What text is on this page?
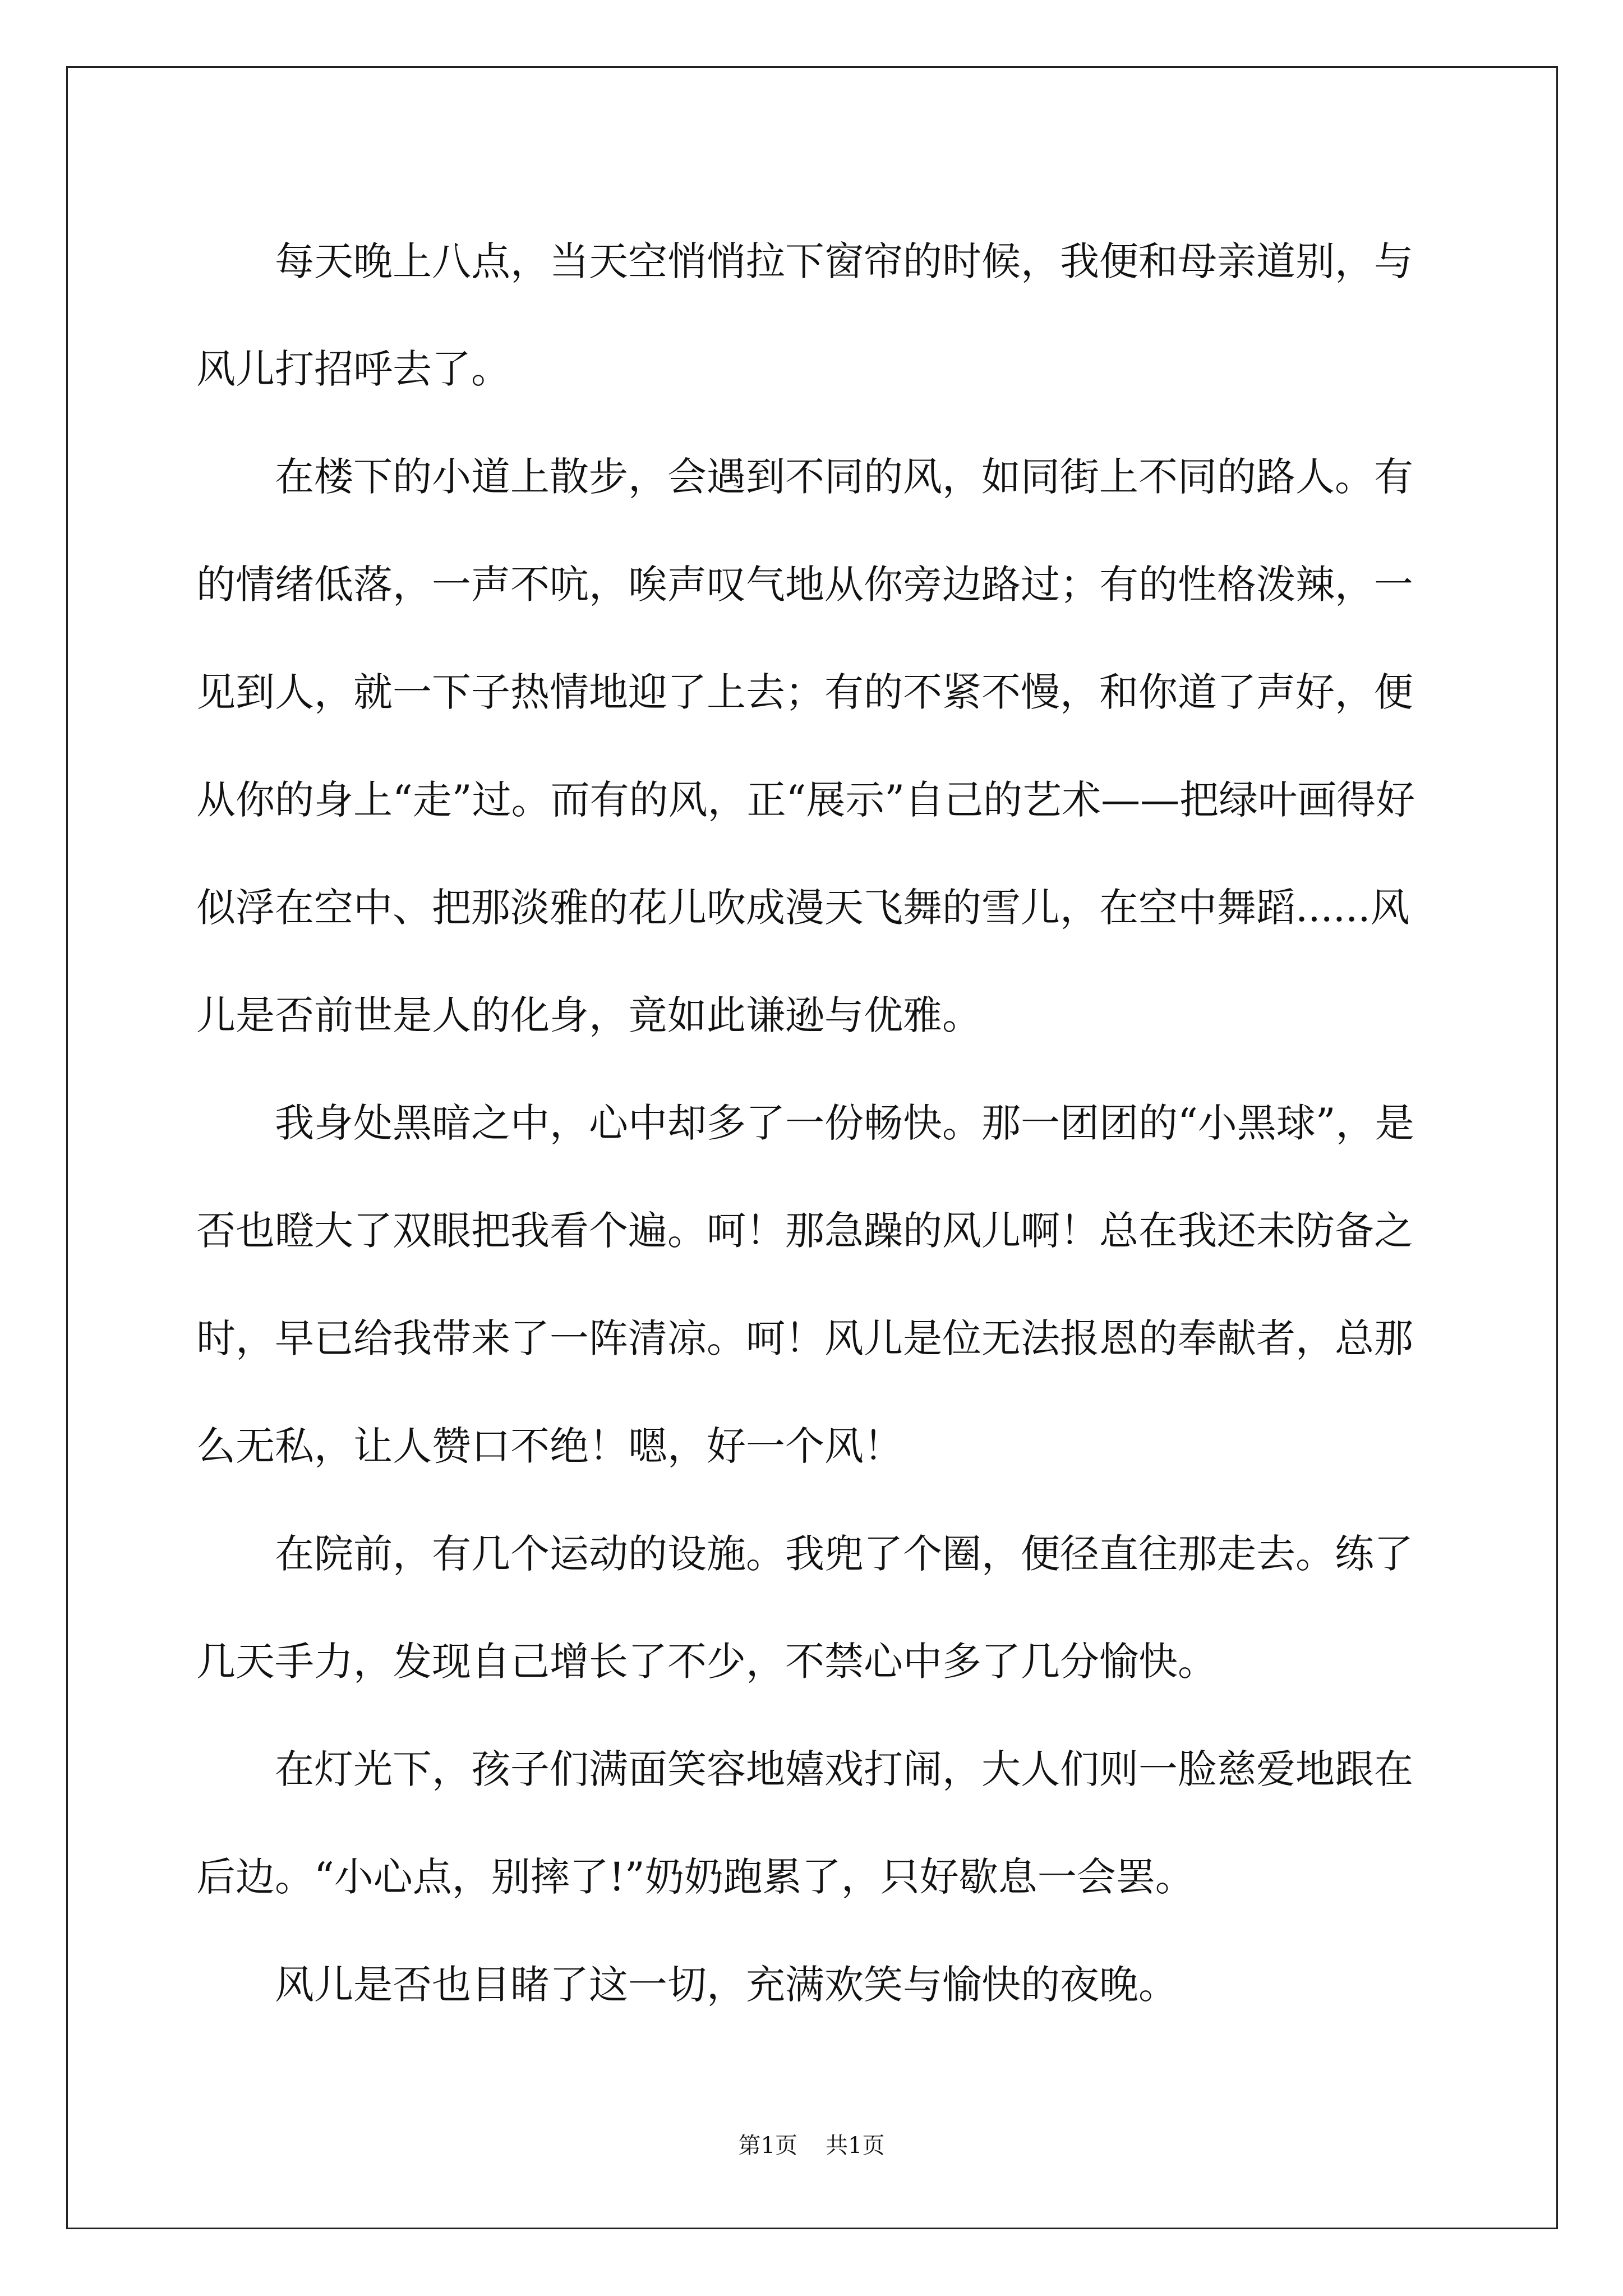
每天晚上八点，当天空悄悄拉下窗帘的时候，我便和母亲道别，与风儿打招呼去了。

在楼下的小道上散步，会遇到不同的风，如同街上不同的路人。有的情绪低落，一声不吭，唉声叹气地从你旁边路过；有的性格泼辣，一见到人，就一下子热情地迎了上去；有的不紧不慢，和你道了声好，便从你的身上“走”过。而有的风，正“展示”自己的艺术——把绿叶画得好似浮在空中、把那淡雅的花儿吹成漫天飞舞的雪儿，在空中舞蹈......风儿是否前世是人的化身，竟如此谦逊与优雅。

我身处黑暗之中，心中却多了一份畅快。那一团团的“小黑球”，是否也瞪大了双眼把我看个遍。呵！那急躁的风儿啊！总在我还未防备之时，早已给我带来了一阵清凉。呵！风儿是位无法报恩的奉献者，总那么无私，让人赞口不绝！嗯，好一个风！

在院前，有几个运动的设施。我兜了个圈，便径直往那走去。练了几天手力，发现自己增长了不少，不禁心中多了几分愉快。

在灯光下，孩子们满面笑容地嬉戏打闹，大人们则一脸慈爱地跟在后边。“小心点，别摔了!”奶奶跑累了，只好歇息一会罢。

风儿是否也目睹了这一切，充满欢笑与愉快的夜晚。

第1页 共1页
